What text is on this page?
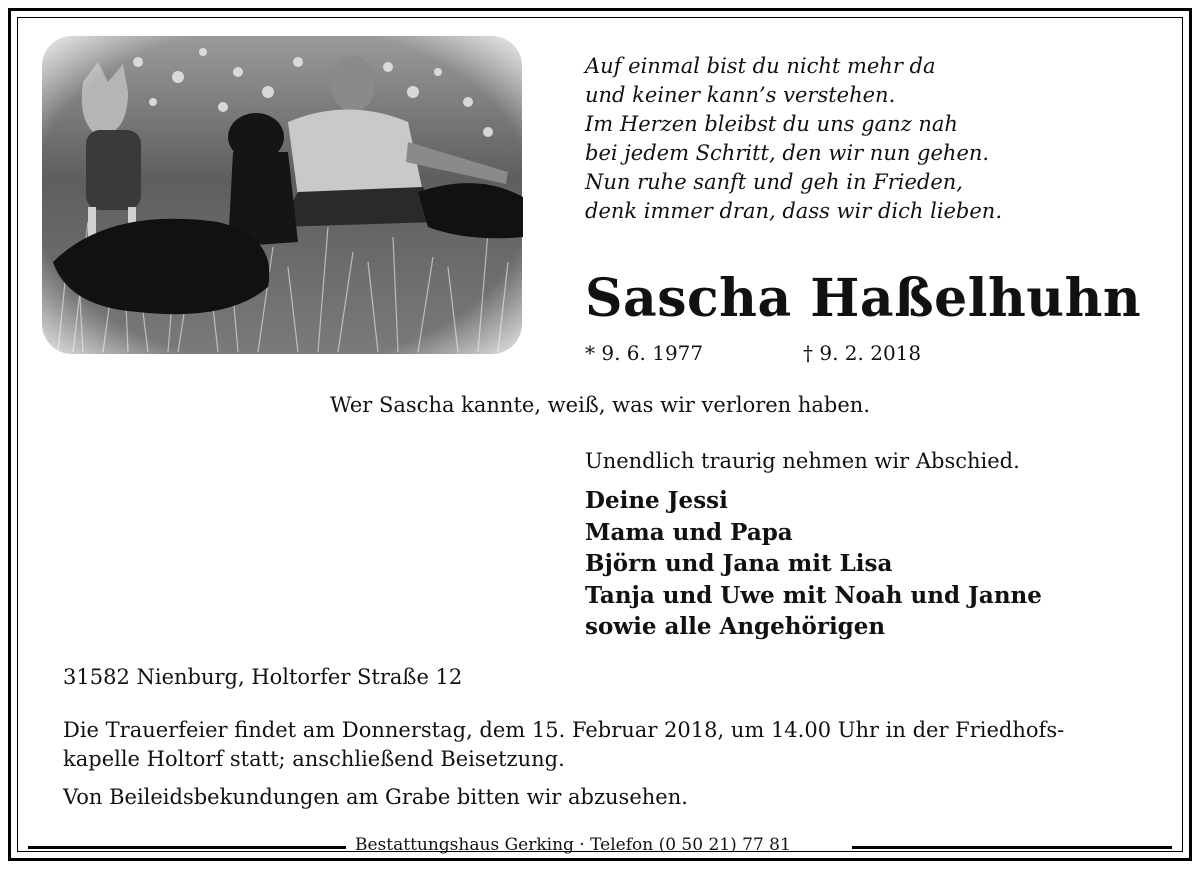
Auf einmal bist du nicht mehr da
und keiner kann’s verstehen.
Im Herzen bleibst du uns ganz nah
bei jedem Schritt, den wir nun gehen.
Nun ruhe sanft und geh in Frieden,
denk immer dran, dass wir dich lieben.
Sascha Haßelhuhn
* 9. 6. 1977	† 9. 2. 2018
Wer Sascha kannte, weiß, was wir verloren haben.
Unendlich traurig nehmen wir Abschied.
Deine Jessi
Mama und Papa
Björn und Jana mit Lisa
Tanja und Uwe mit Noah und Janne
sowie alle Angehörigen
31582 Nienburg, Holtorfer Straße 12
Die Trauerfeier findet am Donnerstag, dem 15. Februar 2018, um 14.00 Uhr in der Friedhofs-
kapelle Holtorf statt; anschließend Beisetzung.
Von Beileidsbekundungen am Grabe bitten wir abzusehen.
Bestattungshaus Gerking · Telefon (0 50 21) 77 81
